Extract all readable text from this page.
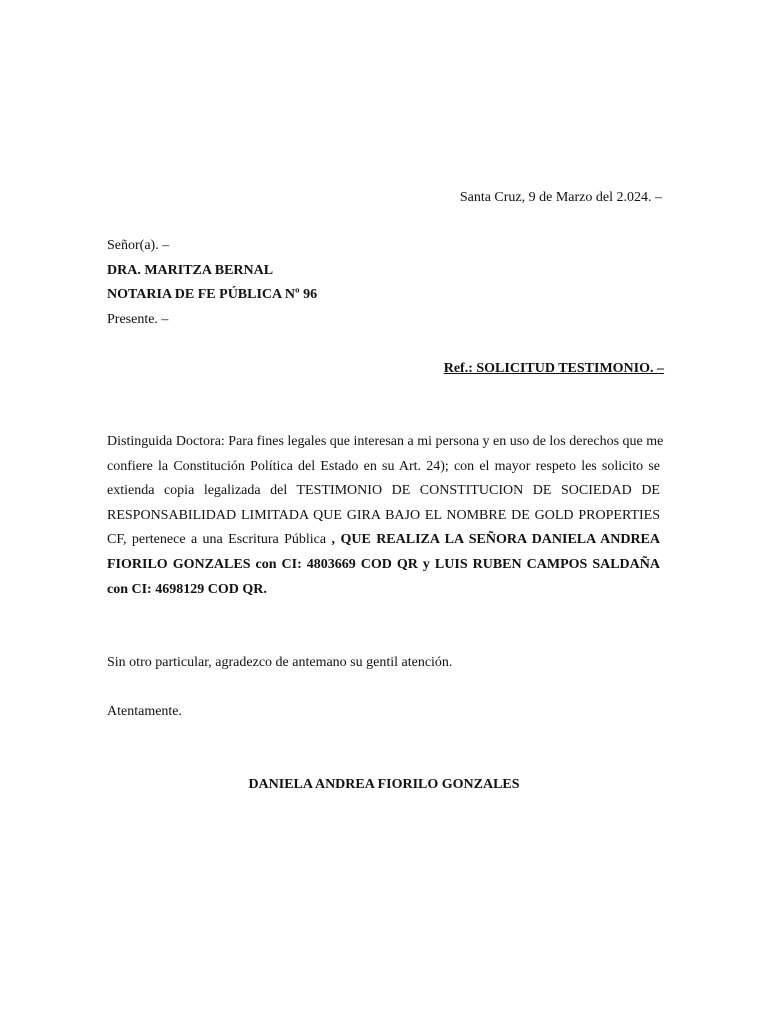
Santa Cruz, 9 de Marzo del 2.024. –
Señor(a). –
DRA. MARITZA BERNAL
NOTARIA DE FE PÚBLICA Nº 96
Presente. –
Ref.: SOLICITUD TESTIMONIO. –
Distinguida Doctora: Para fines legales que interesan a mi persona y en uso de los derechos que me
confiere la Constitución Política del Estado en su Art. 24); con el mayor respeto les solicito se
extienda copia legalizada del TESTIMONIO DE CONSTITUCION DE SOCIEDAD DE
RESPONSABILIDAD LIMITADA QUE GIRA BAJO EL NOMBRE DE GOLD PROPERTIES
CF, pertenece a una Escritura Pública , QUE REALIZA LA SEÑORA DANIELA ANDREA
FIORILO GONZALES con CI: 4803669 COD QR y LUIS RUBEN CAMPOS SALDAÑA
con CI: 4698129 COD QR.
Sin otro particular, agradezco de antemano su gentil atención.
Atentamente.
DANIELA ANDREA FIORILO GONZALES
